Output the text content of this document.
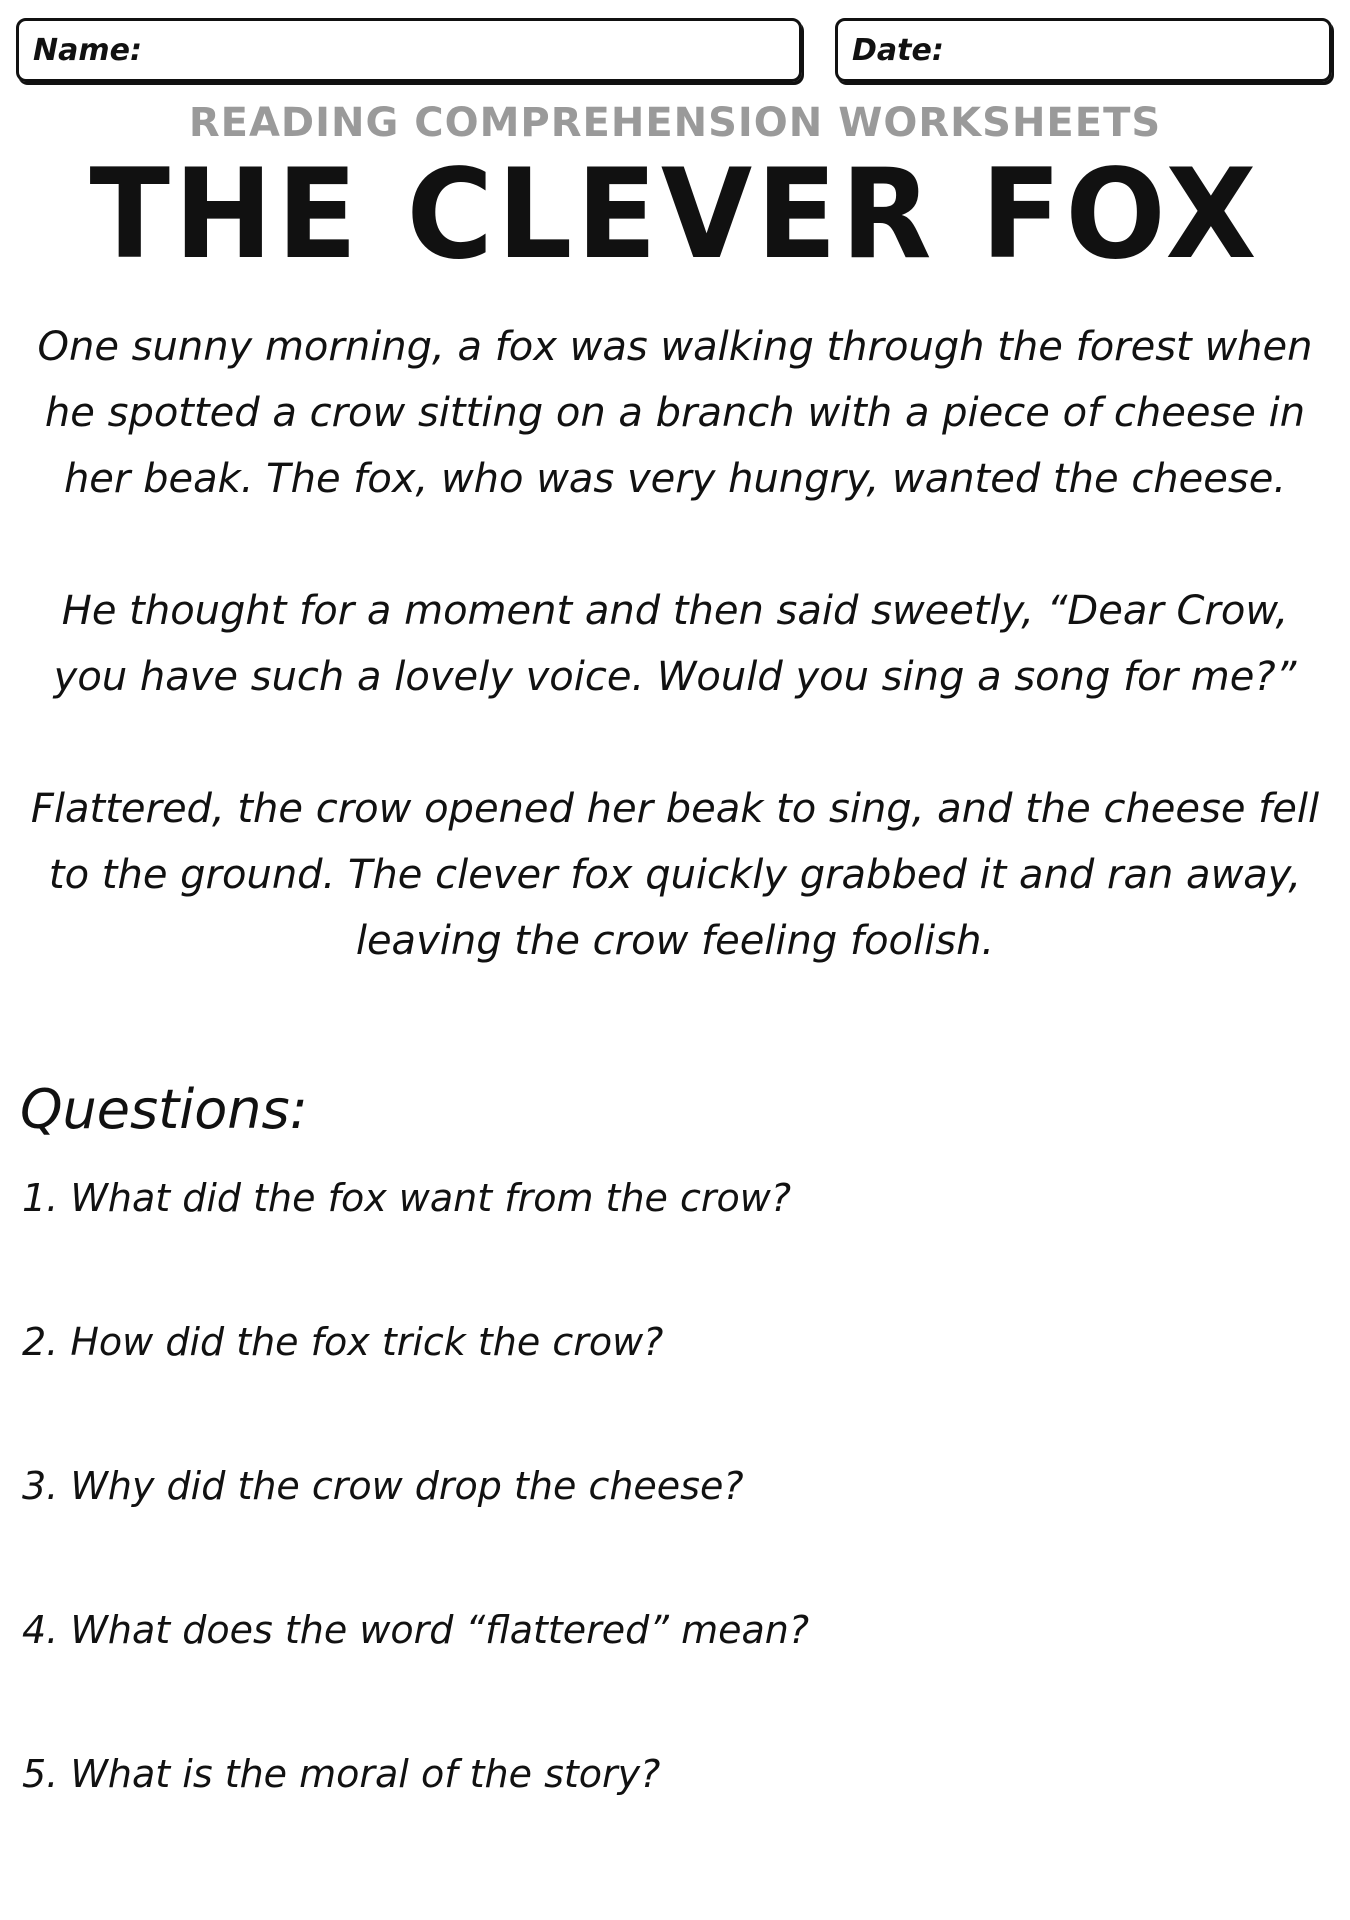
Name:	Date:
READING COMPREHENSION WORKSHEETS
THE CLEVER FOX

One sunny morning, a fox was walking through the forest when he spotted a crow sitting on a branch with a piece of cheese in her beak. The fox, who was very hungry, wanted the cheese.

He thought for a moment and then said sweetly, “Dear Crow, you have such a lovely voice. Would you sing a song for me?”

Flattered, the crow opened her beak to sing, and the cheese fell to the ground. The clever fox quickly grabbed it and ran away, leaving the crow feeling foolish.

Questions:
1. What did the fox want from the crow?
2. How did the fox trick the crow?
3. Why did the crow drop the cheese?
4. What does the word “flattered” mean?
5. What is the moral of the story?
